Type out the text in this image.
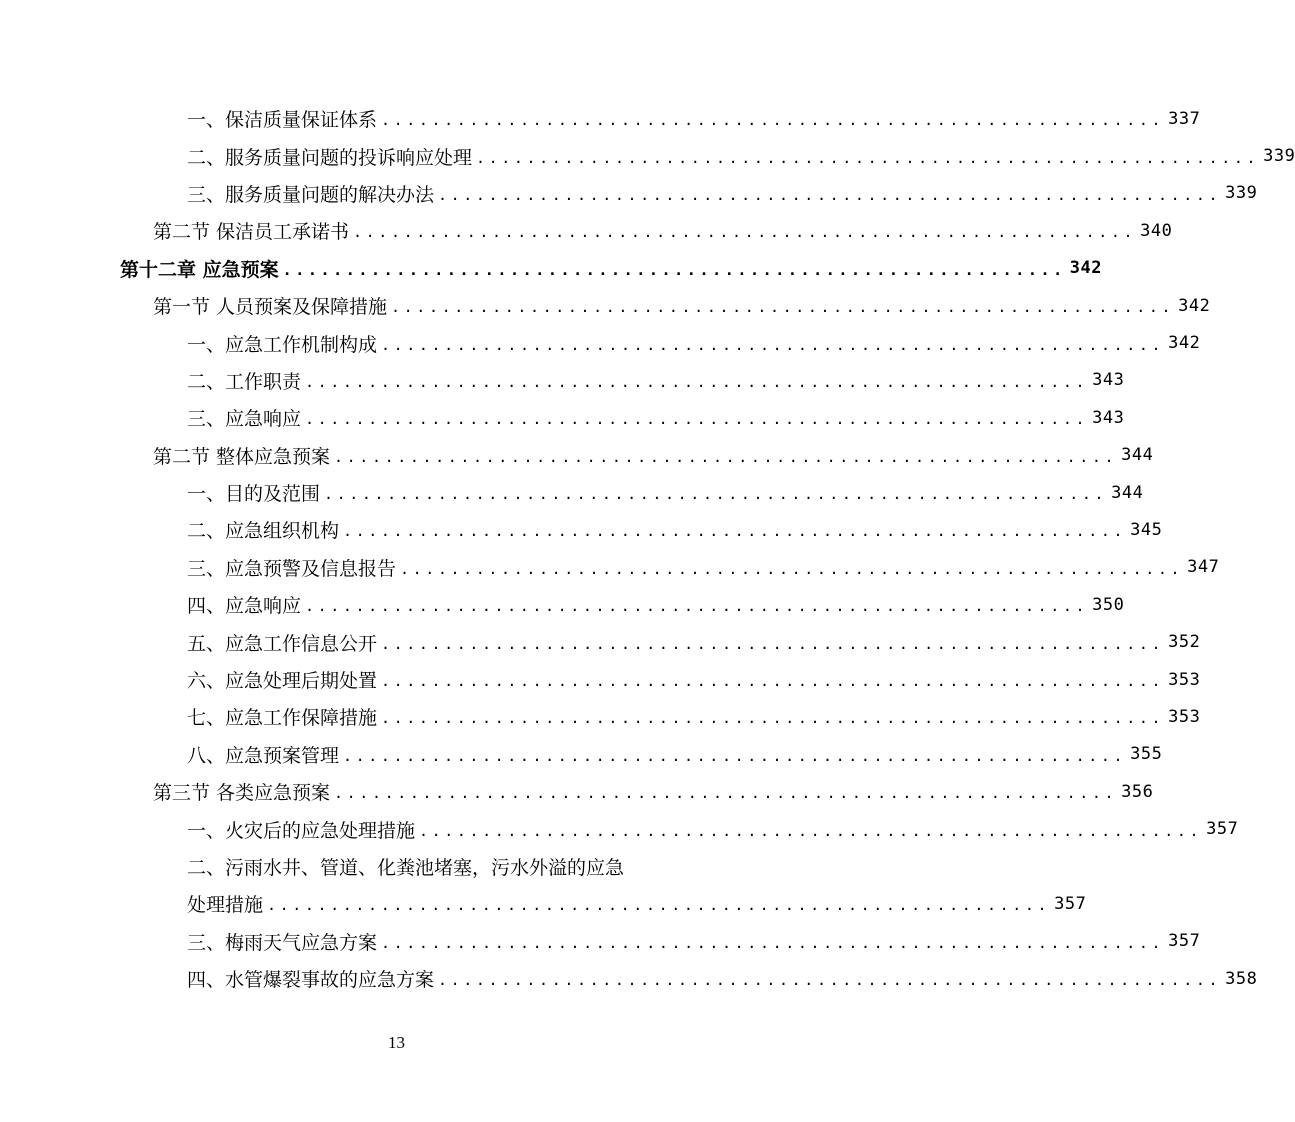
一、保洁质量保证体系 .............................................................. 337
二、服务质量问题的投诉响应处理 .............................................................. 339
三、服务质量问题的解决办法 .............................................................. 339
第二节 保洁员工承诺书 .............................................................. 340
第十二章 应急预案 .............................................................. 342
第一节 人员预案及保障措施 .............................................................. 342
一、应急工作机制构成 .............................................................. 342
二、工作职责 .............................................................. 343
三、应急响应 .............................................................. 343
第二节 整体应急预案 .............................................................. 344
一、目的及范围 .............................................................. 344
二、应急组织机构 .............................................................. 345
三、应急预警及信息报告 .............................................................. 347
四、应急响应 .............................................................. 350
五、应急工作信息公开 .............................................................. 352
六、应急处理后期处置 .............................................................. 353
七、应急工作保障措施 .............................................................. 353
八、应急预案管理 .............................................................. 355
第三节 各类应急预案 .............................................................. 356
一、火灾后的应急处理措施 .............................................................. 357
二、污雨水井、管道、化粪池堵塞，污水外溢的应急
处理措施 .............................................................. 357
三、梅雨天气应急方案 .............................................................. 357
四、水管爆裂事故的应急方案 .............................................................. 358
13
